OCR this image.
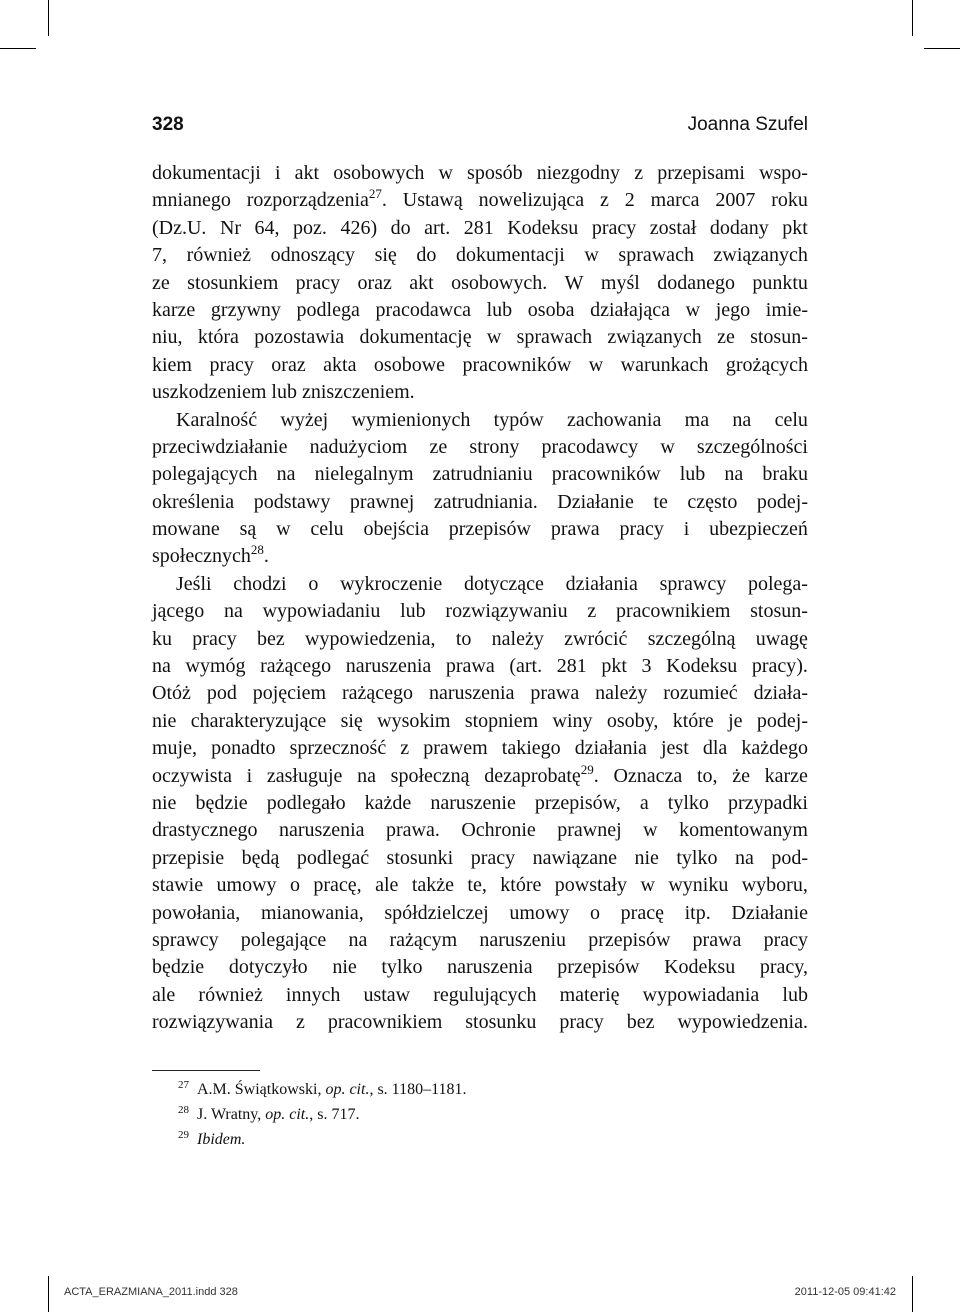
328	Joanna Szufel
dokumentacji i akt osobowych w sposób niezgodny z przepisami wspo-
mnianego rozporządzenia$^{27}$. Ustawą nowelizująca z 2 marca 2007 roku
(Dz.U. Nr 64, poz. 426) do art. 281 Kodeksu pracy został dodany pkt
7, również odnoszący się do dokumentacji w sprawach związanych
ze stosunkiem pracy oraz akt osobowych. W myśl dodanego punktu
karze grzywny podlega pracodawca lub osoba działająca w jego imie-
niu, która pozostawia dokumentację w sprawach związanych ze stosun-
kiem pracy oraz akta osobowe pracowników w warunkach grożących
uszkodzeniem
lub
zniszczeniem.
Karalność wyżej wymienionych typów zachowania ma na celu
przeciwdziałanie nadużyciom ze strony pracodawcy w szczególności
polegających na nielegalnym zatrudnianiu pracowników lub na braku
określenia podstawy prawnej zatrudniania. Działanie te często podej-
mowane są w celu obejścia przepisów prawa pracy i ubezpieczeń
społecznych$^{28}$.
Jeśli chodzi o wykroczenie dotyczące działania sprawcy polega-
jącego na wypowiadaniu lub rozwiązywaniu z pracownikiem stosun-
ku pracy bez wypowiedzenia, to należy zwrócić szczególną uwagę
na wymóg rażącego naruszenia prawa (art. 281 pkt 3 Kodeksu pracy).
Otóż pod pojęciem rażącego naruszenia prawa należy rozumieć działa-
nie charakteryzujące się wysokim stopniem winy osoby, które je podej-
muje, ponadto sprzeczność z prawem takiego działania jest dla każdego
oczywista i zasługuje na społeczną dezaprobatę$^{29}$. Oznacza to, że karze
nie będzie podlegało każde naruszenie przepisów, a tylko przypadki
drastycznego naruszenia prawa. Ochronie prawnej w komentowanym
przepisie będą podlegać stosunki pracy nawiązane nie tylko na pod-
stawie umowy o pracę, ale także te, które powstały w wyniku wyboru,
powołania, mianowania, spółdzielczej umowy o pracę itp. Działanie
sprawcy polegające na rażącym naruszeniu przepisów prawa pracy
będzie dotyczyło nie tylko naruszenia przepisów Kodeksu pracy,
ale również innych ustaw regulujących materię wypowiadania lub
rozwiązywania z pracownikiem stosunku pracy bez wypowiedzenia.
$^{27}$ A.M. Świątkowski, op. cit., s. 1180–1181.
$^{28}$ J. Wratny, op. cit., s. 717.
$^{29}$ Ibidem.
ACTA_ERAZMIANA_2011.indd 328	2011-12-05 09:41:42
